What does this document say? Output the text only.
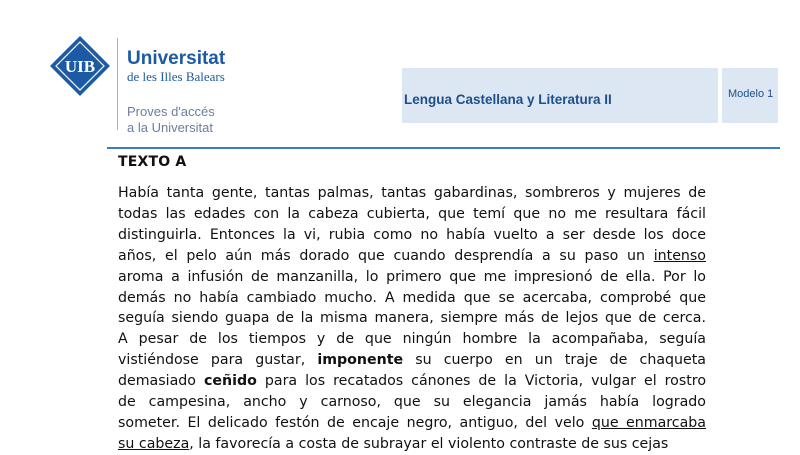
UIB Universitat
de les Illes Balears
Proves d'accés
a la Universitat
Lengua Castellana y Literatura II	Modelo 1
TEXTO A
Había tanta gente, tantas palmas, tantas gabardinas, sombreros y mujeres de
todas las edades con la cabeza cubierta, que temí que no me resultara fácil
distinguirla. Entonces la vi, rubia como no había vuelto a ser desde los doce
años, el pelo aún más dorado que cuando desprendía a su paso un intenso
aroma a infusión de manzanilla, lo primero que me impresionó de ella. Por lo
demás no había cambiado mucho. A medida que se acercaba, comprobé que
seguía siendo guapa de la misma manera, siempre más de lejos que de cerca.
A pesar de los tiempos y de que ningún hombre la acompañaba, seguía
vistiéndose para gustar, imponente su cuerpo en un traje de chaqueta
demasiado ceñido para los recatados cánones de la Victoria, vulgar el rostro
de campesina, ancho y carnoso, que su elegancia jamás había logrado
someter. El delicado festón de encaje negro, antiguo, del velo que enmarcaba
su cabeza, la favorecía a costa de subrayar el violento contraste de sus cejas
